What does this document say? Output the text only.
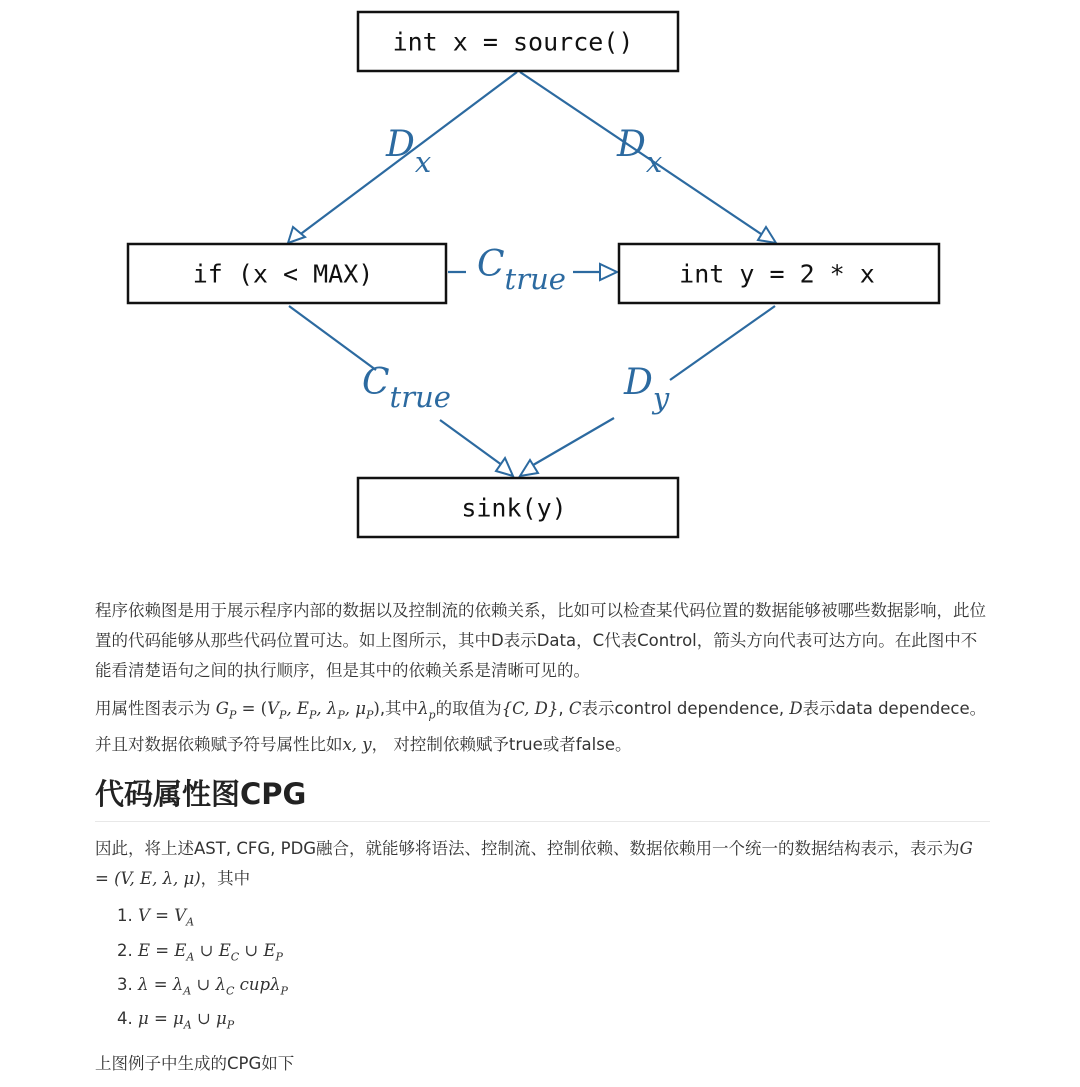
Dx	Dx
Ctrue
Ctrue	Dy
int x = source()
if (x < MAX)	int y = 2 * x
sink(y)

程序依赖图是用于展示程序内部的数据以及控制流的依赖关系，比如可以检查某代码位置的数据能够被哪些数据影响，此位置的代码能够从那些代码位置可达。如上图所示，其中D表示Data，C代表Control，箭头方向代表可达方向。在此图中不能看清楚语句之间的执行顺序，但是其中的依赖关系是清晰可见的。

用属性图表示为 $G_P = (V_P$, $E_P$, $\lambda_P$, $\mu_P$),其中$\lambda_p$的取值为{C, D}, C表示control dependence, D表示data dependece。并且对数据依赖赋予符号属性比如x, y， 对控制依赖赋予true或者false。

代码属性图CPG

因此，将上述AST, CFG, PDG融合，就能够将语法、控制流、控制依赖、数据依赖用一个统一的数据结构表示，表示为G = (V, E, λ, μ)，其中

1. $V = V_A$
2. $E = E_A$ ∪ $E_C$ ∪ $E_P$
3. $\lambda = \lambda_A$ ∪ $\lambda_C$ cupλ$_P$
4. $\mu = \mu_A$ ∪ $\mu_P$

上图例子中生成的CPG如下
